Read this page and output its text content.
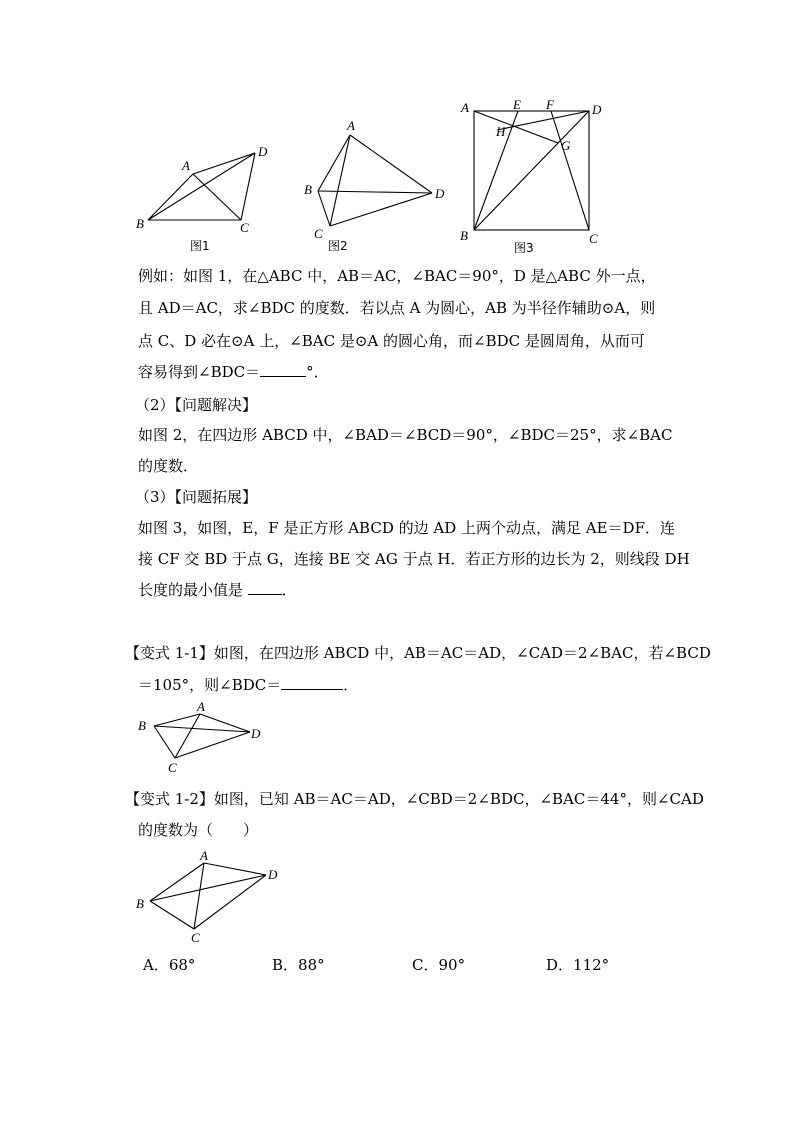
A
B	C
D
图1
A
B
C
D
图2
A	E F	D
H
G
B	C
图3
例如：如图 1，在△ABC 中，AB＝AC，∠BAC＝90°，D 是△ABC 外一点，
且 AD＝AC，求∠BDC 的度数．若以点 A 为圆心，AB 为半径作辅助⊙A，则
点 C、D 必在⊙A 上，∠BAC 是⊙A 的圆心角，而∠BDC 是圆周角，从而可
容易得到∠BDC＝	°．
（2）【问题解决】
如图 2，在四边形 ABCD 中，∠BAD＝∠BCD＝90°，∠BDC＝25°，求∠BAC
的度数．
（3）【问题拓展】
如图 3，如图，E，F 是正方形 ABCD 的边 AD 上两个动点，满足 AE＝DF．连
接 CF 交 BD 于点 G，连接 BE 交 AG 于点 H．若正方形的边长为 2，则线段 DH
长度的最小值是 ．
【变式 1-1】如图，在四边形 ABCD 中，AB＝AC＝AD，∠CAD＝2∠BAC，若∠BCD
＝105°，则∠BDC＝	．
A
B
C
D
【变式 1-2】如图，已知 AB＝AC＝AD，∠CBD＝2∠BDC，∠BAC＝44°，则∠CAD
的度数为（　　）
A
B
C
D
A．68°	B．88°	C．90°	D．112°
